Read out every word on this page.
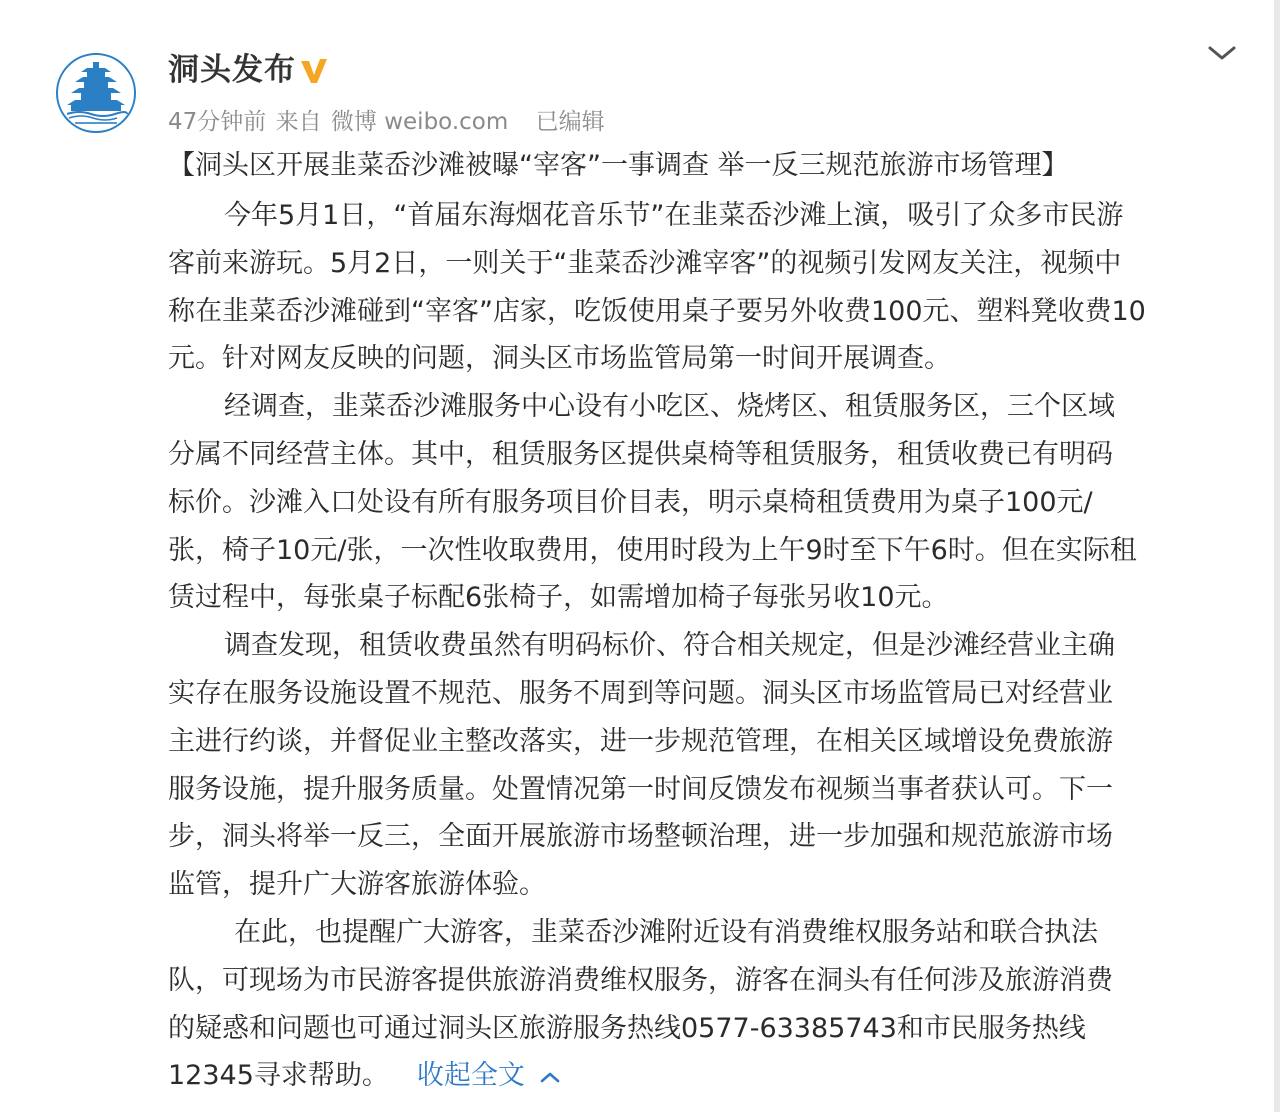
洞头发布
47分钟前 来自 微博 weibo.com 已编辑
【洞头区开展韭菜岙沙滩被曝“宰客”一事调查 举一反三规范旅游市场管理】
今年5月1日，“首届东海烟花音乐节”在韭菜岙沙滩上演，吸引了众多市民游
客前来游玩。5月2日，一则关于“韭菜岙沙滩宰客”的视频引发网友关注，视频中
称在韭菜岙沙滩碰到“宰客”店家，吃饭使用桌子要另外收费100元、塑料凳收费10
元。针对网友反映的问题，洞头区市场监管局第一时间开展调查。
经调查，韭菜岙沙滩服务中心设有小吃区、烧烤区、租赁服务区，三个区域
分属不同经营主体。其中，租赁服务区提供桌椅等租赁服务，租赁收费已有明码
标价。沙滩入口处设有所有服务项目价目表，明示桌椅租赁费用为桌子100元/
张，椅子10元/张，一次性收取费用，使用时段为上午9时至下午6时。但在实际租
赁过程中，每张桌子标配6张椅子，如需增加椅子每张另收10元。
调查发现，租赁收费虽然有明码标价、符合相关规定，但是沙滩经营业主确
实存在服务设施设置不规范、服务不周到等问题。洞头区市场监管局已对经营业
主进行约谈，并督促业主整改落实，进一步规范管理，在相关区域增设免费旅游
服务设施，提升服务质量。处置情况第一时间反馈发布视频当事者获认可。下一
步，洞头将举一反三，全面开展旅游市场整顿治理，进一步加强和规范旅游市场
监管，提升广大游客旅游体验。
在此，也提醒广大游客，韭菜岙沙滩附近设有消费维权服务站和联合执法
队，可现场为市民游客提供旅游消费维权服务，游客在洞头有任何涉及旅游消费
的疑惑和问题也可通过洞头区旅游服务热线0577-63385743和市民服务热线
12345寻求帮助。 收起全文
